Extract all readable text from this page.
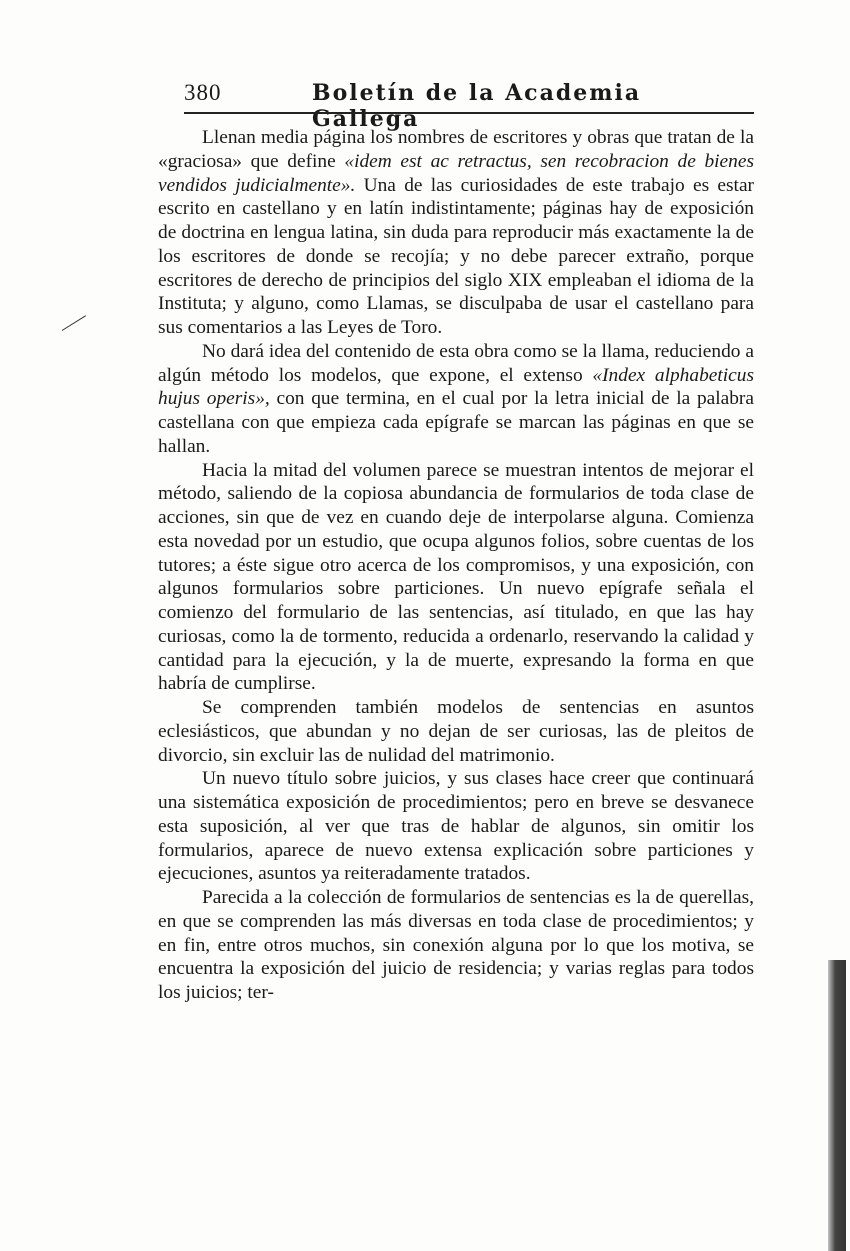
380	Boletín de la Academia Gallega

Llenan media página los nombres de escritores y obras que tratan de la «graciosa» que define «idem est ac retractus, sen recobracion de bienes vendidos judicialmente». Una de las curiosidades de este trabajo es estar escrito en castellano y en latín indistintamente; páginas hay de exposición de doctrina en lengua latina, sin duda para reproducir más exactamente la de los escritores de donde se recojía; y no debe parecer extraño, porque escritores de derecho de principios del siglo XIX empleaban el idioma de la Instituta; y alguno, como Llamas, se disculpaba de usar el castellano para sus comentarios a las Leyes de Toro.

No dará idea del contenido de esta obra como se la llama, reduciendo a algún método los modelos, que expone, el extenso «Index alphabeticus hujus operis», con que termina, en el cual por la letra inicial de la palabra castellana con que empieza cada epígrafe se marcan las páginas en que se hallan.

Hacia la mitad del volumen parece se muestran intentos de mejorar el método, saliendo de la copiosa abundancia de formularios de toda clase de acciones, sin que de vez en cuando deje de interpolarse alguna. Comienza esta novedad por un estudio, que ocupa algunos folios, sobre cuentas de los tutores; a éste sigue otro acerca de los compromisos, y una exposición, con algunos formularios sobre particiones. Un nuevo epígrafe señala el comienzo del formulario de las sentencias, así titulado, en que las hay curiosas, como la de tormento, reducida a ordenarlo, reservando la calidad y cantidad para la ejecución, y la de muerte, expresando la forma en que habría de cumplirse.

Se comprenden también modelos de sentencias en asuntos eclesiásticos, que abundan y no dejan de ser curiosas, las de pleitos de divorcio, sin excluir las de nulidad del matrimonio.

Un nuevo título sobre juicios, y sus clases hace creer que continuará una sistemática exposición de procedimientos; pero en breve se desvanece esta suposición, al ver que tras de hablar de algunos, sin omitir los formularios, aparece de nuevo extensa explicación sobre particiones y ejecuciones, asuntos ya reiteradamente tratados.

Parecida a la colección de formularios de sentencias es la de querellas, en que se comprenden las más diversas en toda clase de procedimientos; y en fin, entre otros muchos, sin conexión alguna por lo que los motiva, se encuentra la exposición del juicio de residencia; y varias reglas para todos los juicios; ter-
